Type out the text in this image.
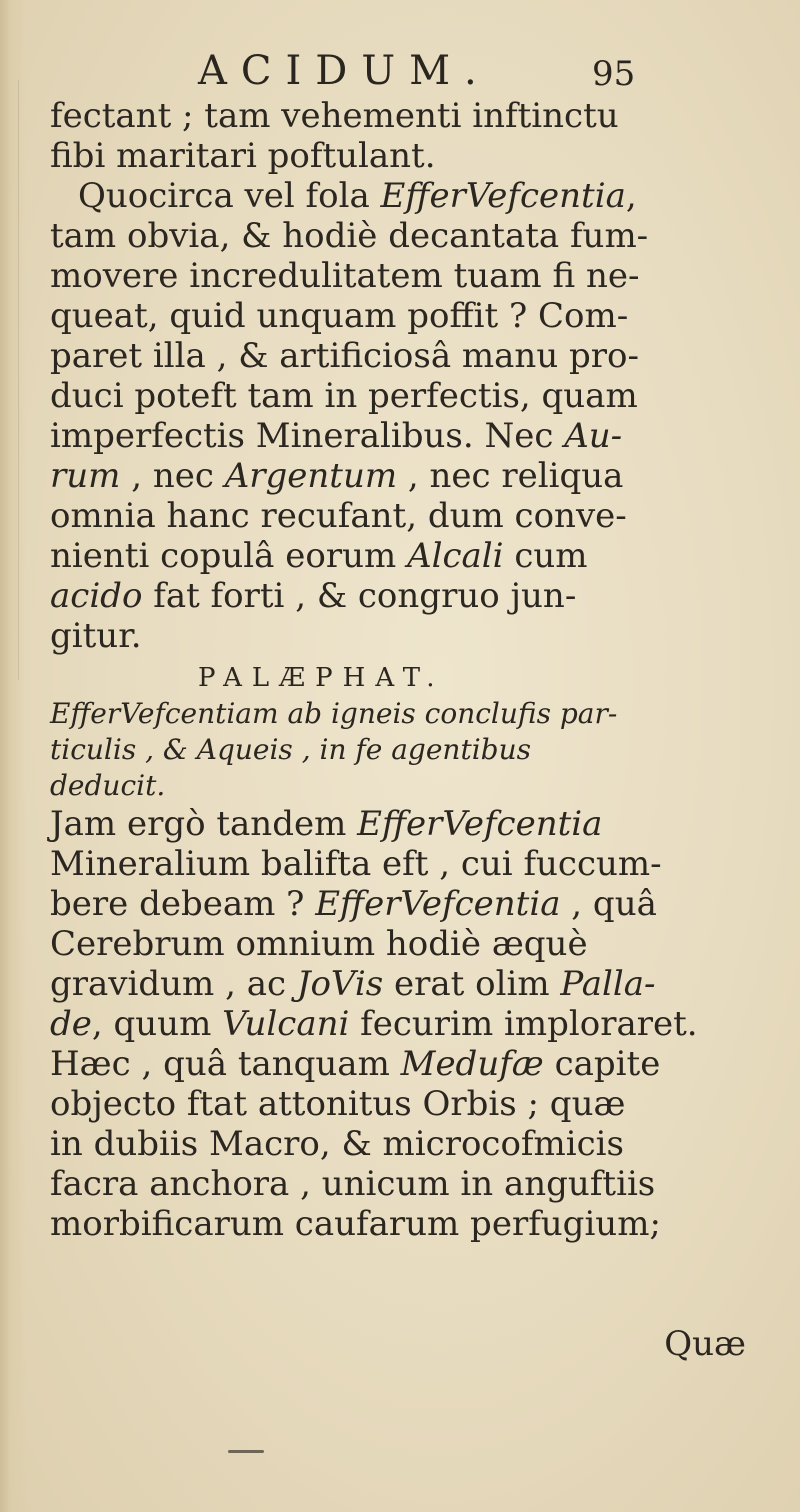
ACIDUM.	95
fectant ; tam vehementi inftinctu
fibi maritari poftulant.
Quocirca vel fola EfferVefcentia,
tam obvia, & hodiè decantata fum-
movere incredulitatem tuam fi ne-
queat, quid unquam poffit ? Com-
paret illa , & artificiosâ manu pro-
duci poteft tam in perfectis, quam
imperfectis Mineralibus. Nec Au-
rum , nec Argentum , nec reliqua
omnia hanc recufant, dum conve-
nienti copulâ eorum Alcali cum
acido fat forti , & congruo jun-
gitur.
PALÆPHAT.
EfferVefcentiam ab igneis conclufis par-
ticulis , & Aqueis , in fe agentibus
deducit.
Jam ergò tandem EfferVefcentia
Mineralium balifta eft , cui fuccum-
bere debeam ? EfferVefcentia , quâ
Cerebrum omnium hodiè æquè
gravidum , ac JoVis erat olim Palla-
de, quum Vulcani fecurim imploraret.
Hæc , quâ tanquam Medufæ capite
objecto ftat attonitus Orbis ; quæ
in dubiis Macro, & microcofmicis
facra anchora , unicum in anguftiis
morbificarum caufarum perfugium;
Quæ
